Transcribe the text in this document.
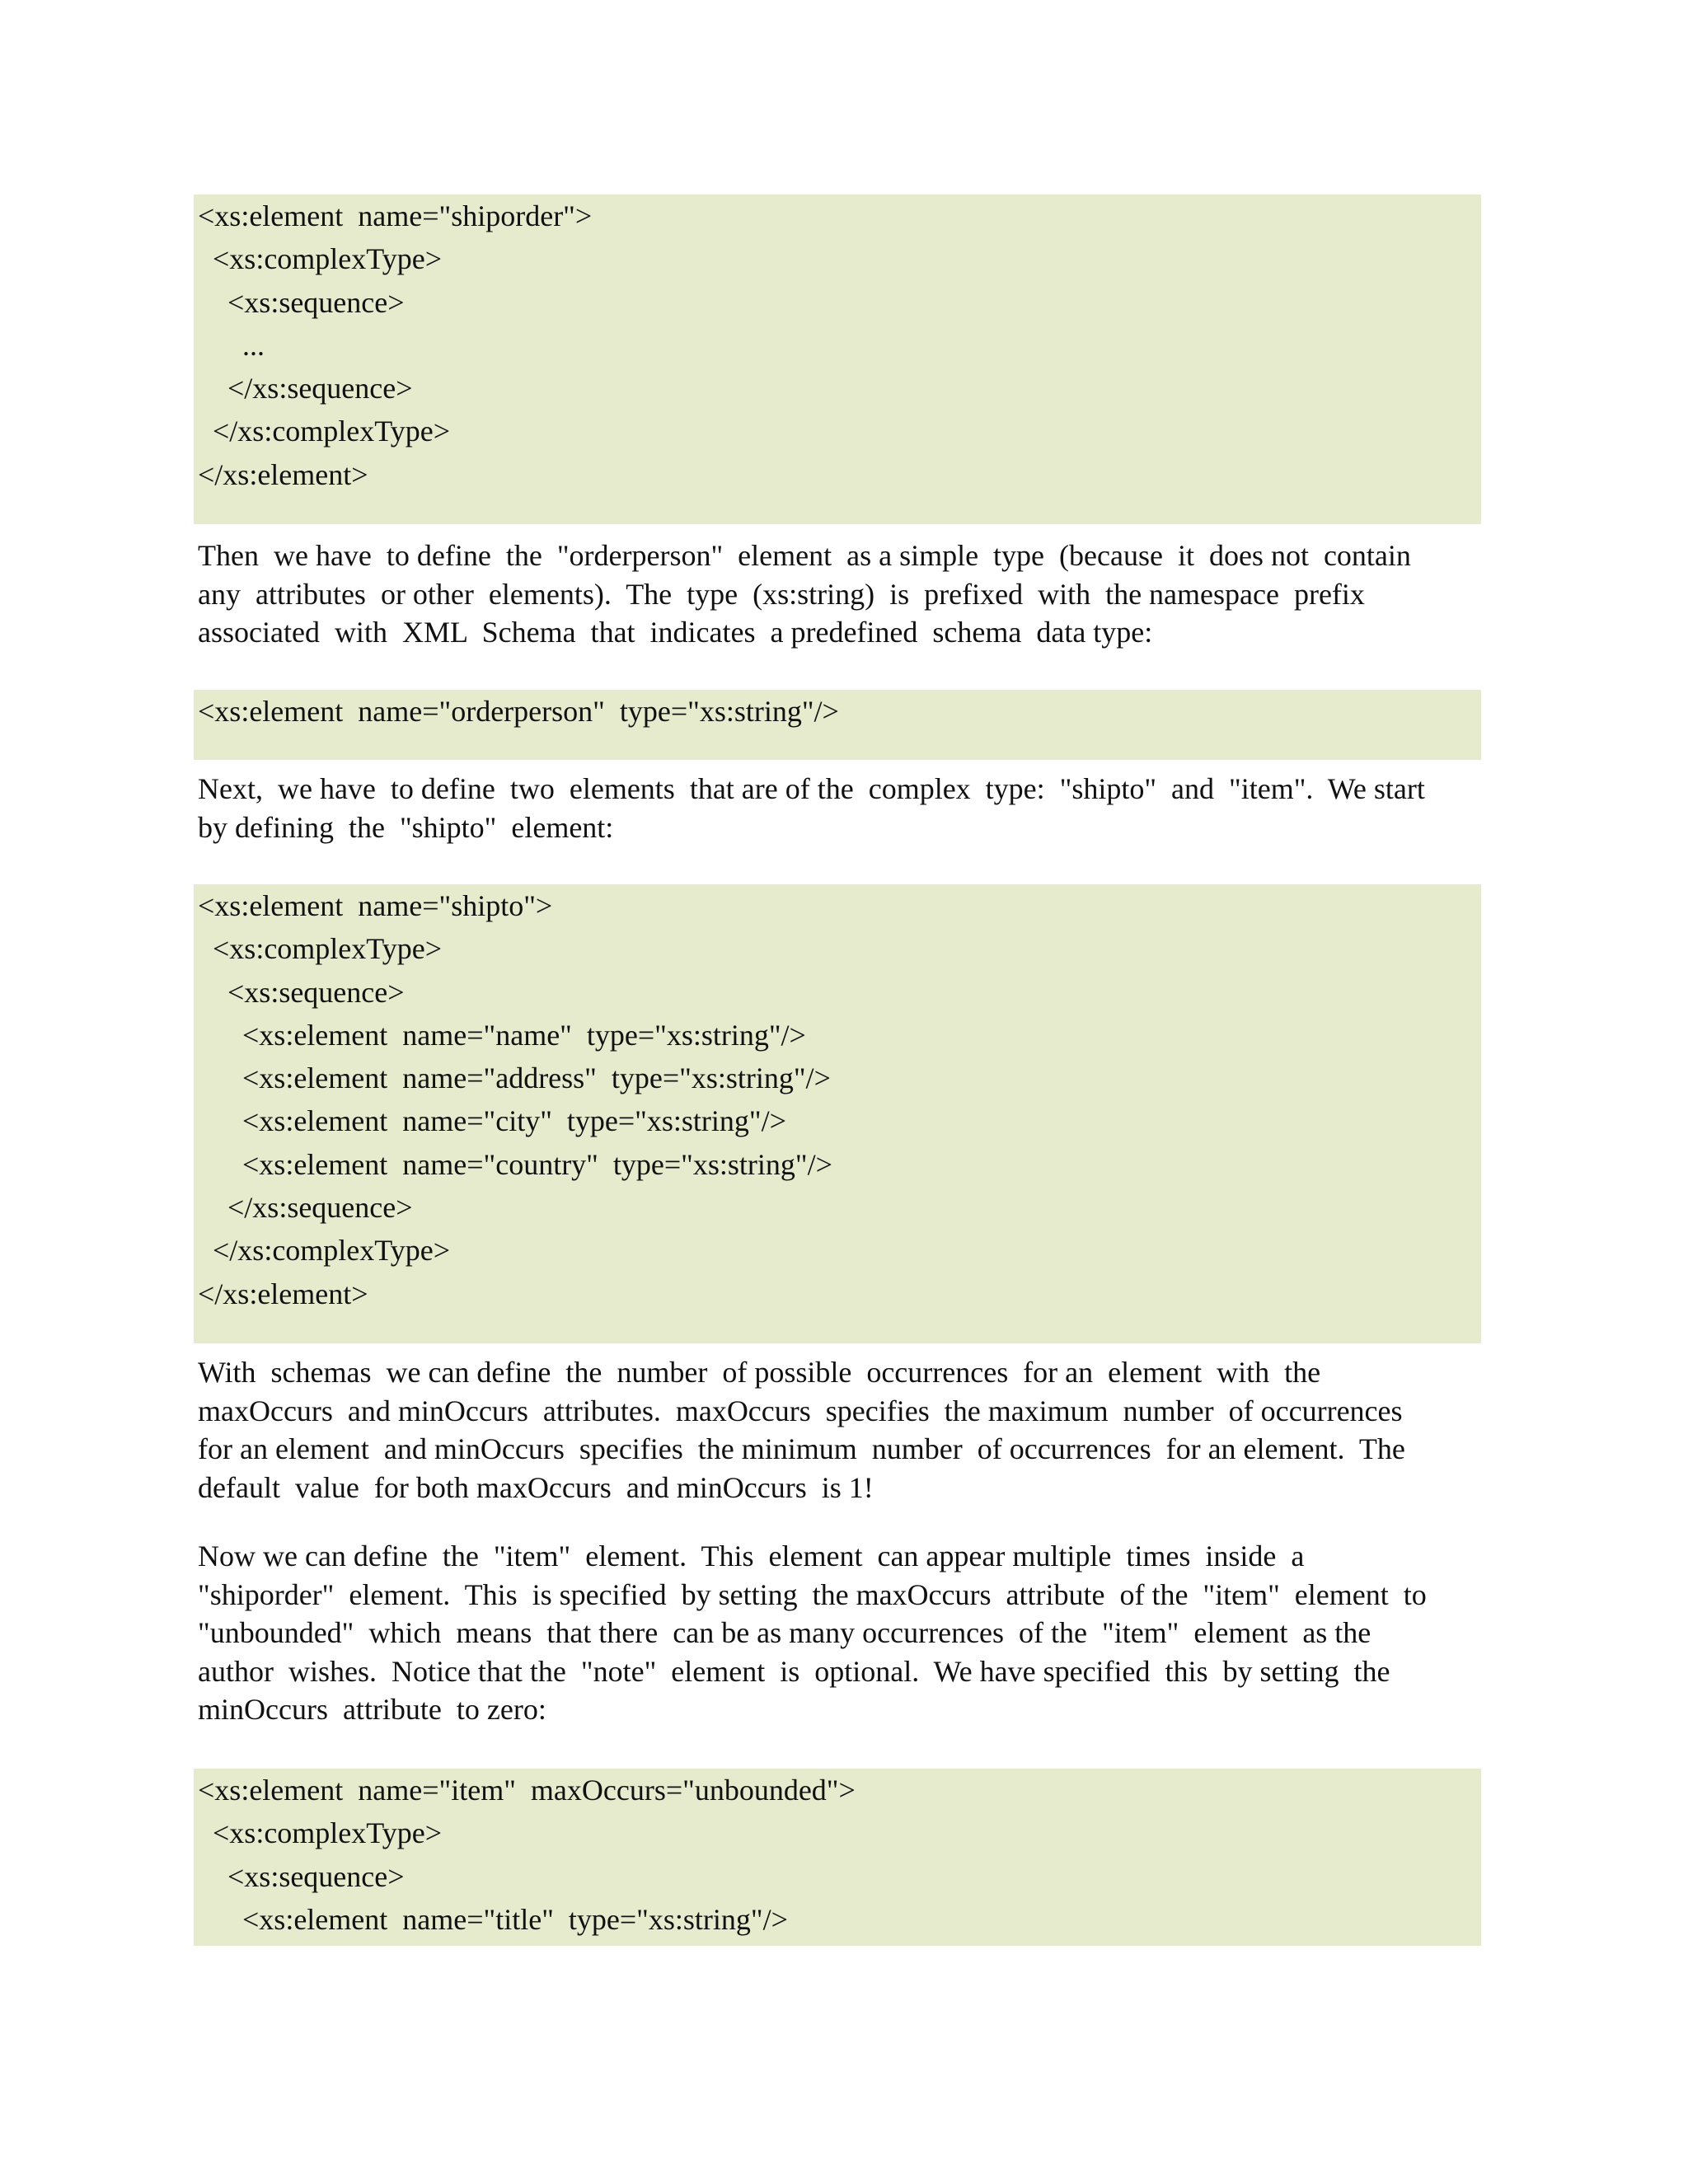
<xs:element  name="shiporder">
<xs:complexType>
<xs:sequence>
...
</xs:sequence>
</xs:complexType>
</xs:element>
Then  we have  to define  the  "orderperson"  element  as a simple  type  (because  it  does not  contain
any  attributes  or other  elements).  The  type  (xs:string)  is  prefixed  with  the namespace  prefix
associated  with  XML  Schema  that  indicates  a predefined  schema  data type:
<xs:element  name="orderperson"  type="xs:string"/>
Next,  we have  to define  two  elements  that are of the  complex  type:  "shipto"  and  "item".  We start
by defining  the  "shipto"  element:
<xs:element  name="shipto">
<xs:complexType>
<xs:sequence>
<xs:element  name="name"  type="xs:string"/>
<xs:element  name="address"  type="xs:string"/>
<xs:element  name="city"  type="xs:string"/>
<xs:element  name="country"  type="xs:string"/>
</xs:sequence>
</xs:complexType>
</xs:element>
With  schemas  we can define  the  number  of possible  occurrences  for an  element  with  the
maxOccurs  and minOccurs  attributes.  maxOccurs  specifies  the maximum  number  of occurrences
for an element  and minOccurs  specifies  the minimum  number  of occurrences  for an element.  The
default  value  for both maxOccurs  and minOccurs  is 1!
Now we can define  the  "item"  element.  This  element  can appear multiple  times  inside  a
"shiporder"  element.  This  is specified  by setting  the maxOccurs  attribute  of the  "item"  element  to
"unbounded"  which  means  that there  can be as many occurrences  of the  "item"  element  as the
author  wishes.  Notice that the  "note"  element  is  optional.  We have specified  this  by setting  the
minOccurs  attribute  to zero:
<xs:element  name="item"  maxOccurs="unbounded">
<xs:complexType>
<xs:sequence>
<xs:element  name="title"  type="xs:string"/>
